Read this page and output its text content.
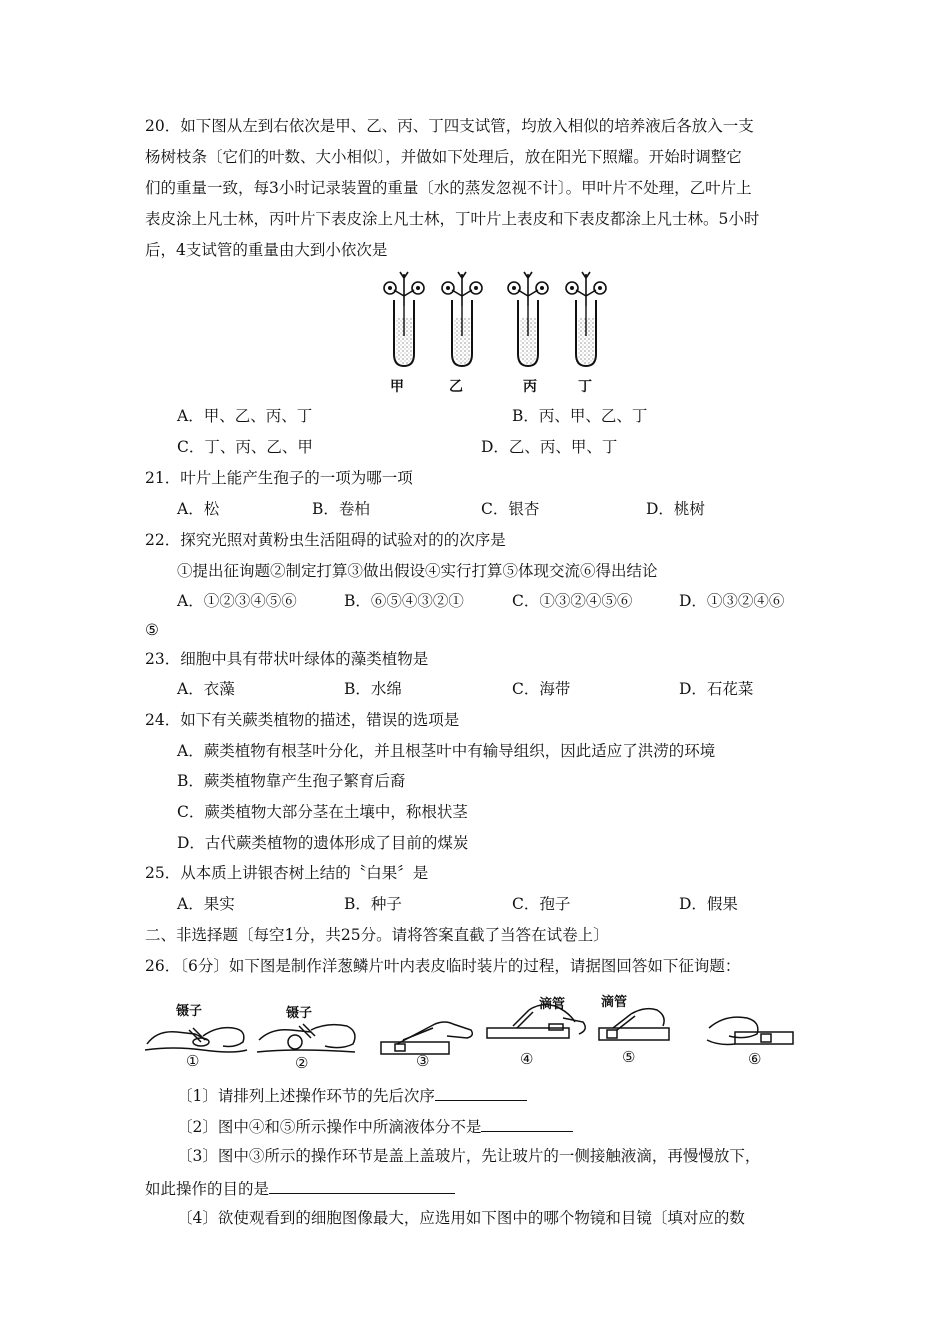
20．如下图从左到右依次是甲、乙、丙、丁四支试管，均放入相似的培养液后各放入一支
杨树枝条〔它们的叶数、大小相似〕，并做如下处理后，放在阳光下照耀。开始时调整它
们的重量一致，每3小时记录装置的重量〔水的蒸发忽视不计〕。甲叶片不处理，乙叶片上
表皮涂上凡士林，丙叶片下表皮涂上凡士林，丁叶片上表皮和下表皮都涂上凡士林。5小时
后，4支试管的重量由大到小依次是
甲	乙	丙	丁
A．甲、乙、丙、丁	B．丙、甲、乙、丁
C．丁、丙、乙、甲	D．乙、丙、甲、丁
21．叶片上能产生孢子的一项为哪一项
A．松	B．卷柏	C．银杏	D．桃树
22．探究光照对黄粉虫生活阻碍的试验对的的次序是
①提出征询题②制定打算③做出假设④实行打算⑤体现交流⑥得出结论
A．①②③④⑤⑥	B．⑥⑤④③②①	C．①③②④⑤⑥	D．①③②④⑥
⑤
23．细胞中具有带状叶绿体的藻类植物是
A．衣藻	B．水绵	C．海带	D．石花菜
24．如下有关蕨类植物的描述，错误的选项是
A．蕨类植物有根茎叶分化，并且根茎叶中有输导组织，因此适应了洪涝的环境
B．蕨类植物靠产生孢子繁育后裔
C．蕨类植物大部分茎在土壤中，称根状茎
D．古代蕨类植物的遗体形成了目前的煤炭
25．从本质上讲银杏树上结的〝白果〞是
A．果实	B．种子	C．孢子	D．假果
二、非选择题〔每空1分，共25分。请将答案直截了当答在试卷上〕
26．〔6分〕如下图是制作洋葱鳞片叶内表皮临时装片的过程，请据图回答如下征询题：
镊子	镊子
滴管	滴管
①	②	③	④	⑤	⑥
〔1〕请排列上述操作环节的先后次序
〔2〕图中④和⑤所示操作中所滴液体分不是
〔3〕图中③所示的操作环节是盖上盖玻片，先让玻片的一侧接触液滴，再慢慢放下，
如此操作的目的是
〔4〕欲使观看到的细胞图像最大，应选用如下图中的哪个物镜和目镜〔填对应的数
